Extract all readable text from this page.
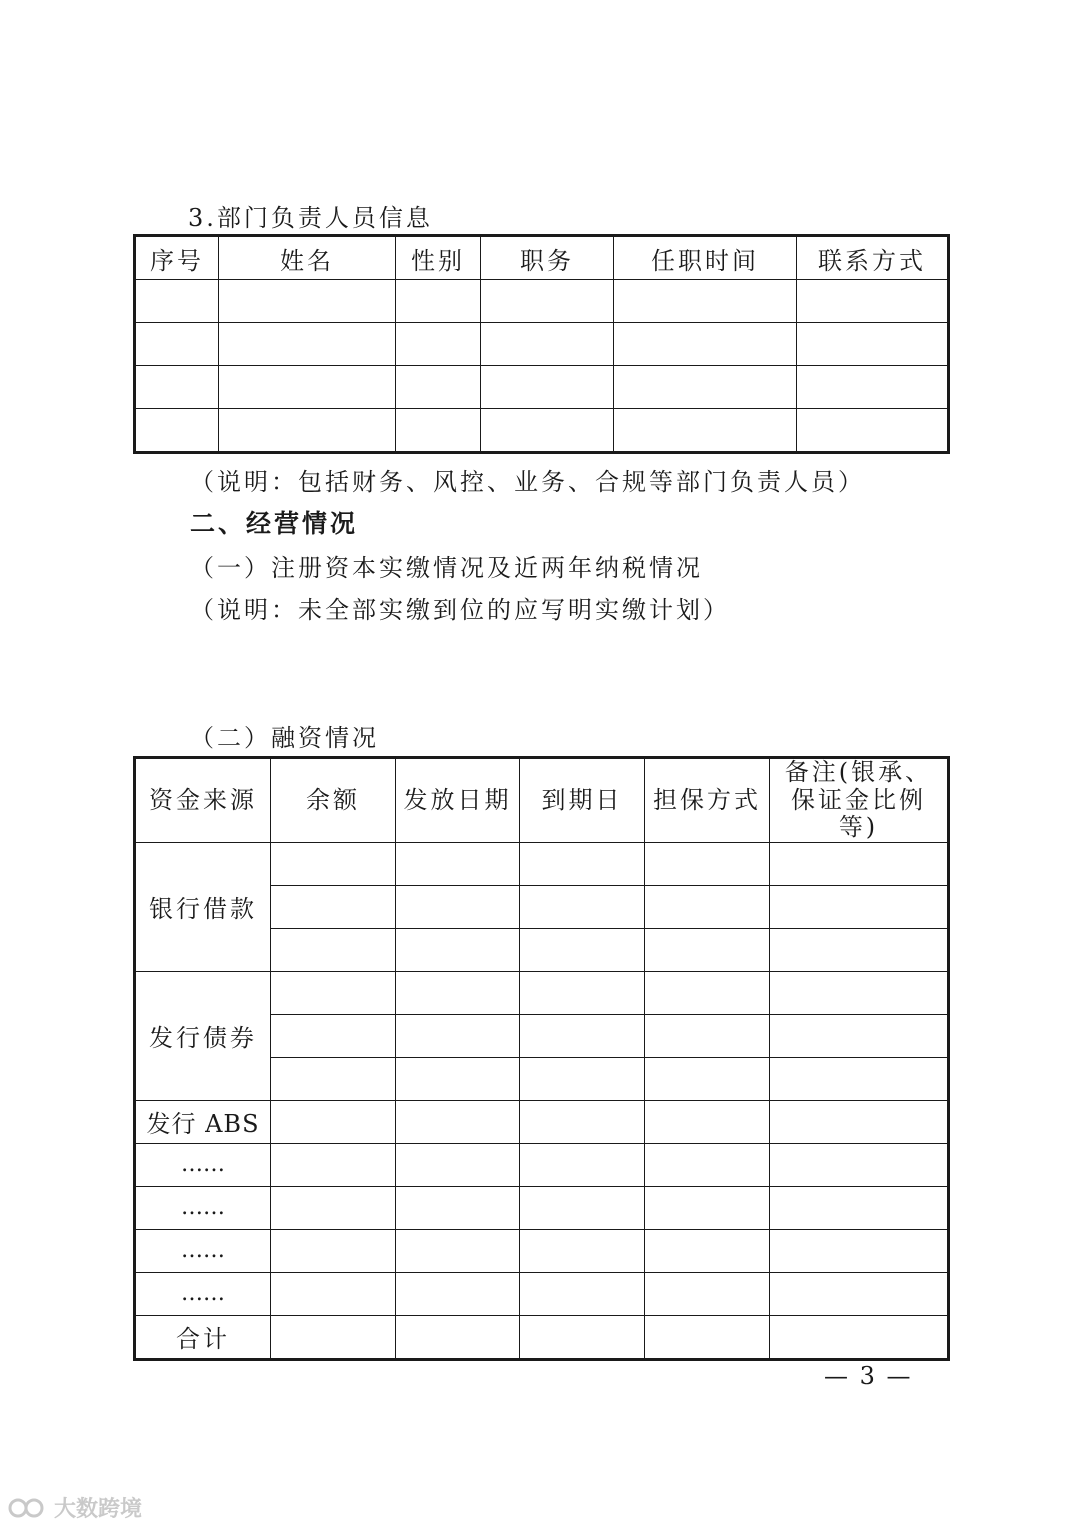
3.部门负责人员信息
序号	姓名	性别	职务	任职时间	联系方式

（说明：包括财务、风控、业务、合规等部门负责人员）
二、经营情况
（一）注册资本实缴情况及近两年纳税情况
（说明：未全部实缴到位的应写明实缴计划）
（二）融资情况
资金来源	余额	发放日期	到期日	担保方式	备注(银承、保证金比例等)
银行借款					

发行债券					

发行 ABS					
……					
……					
……					
……					
合计					
— 3 —
大数跨境
